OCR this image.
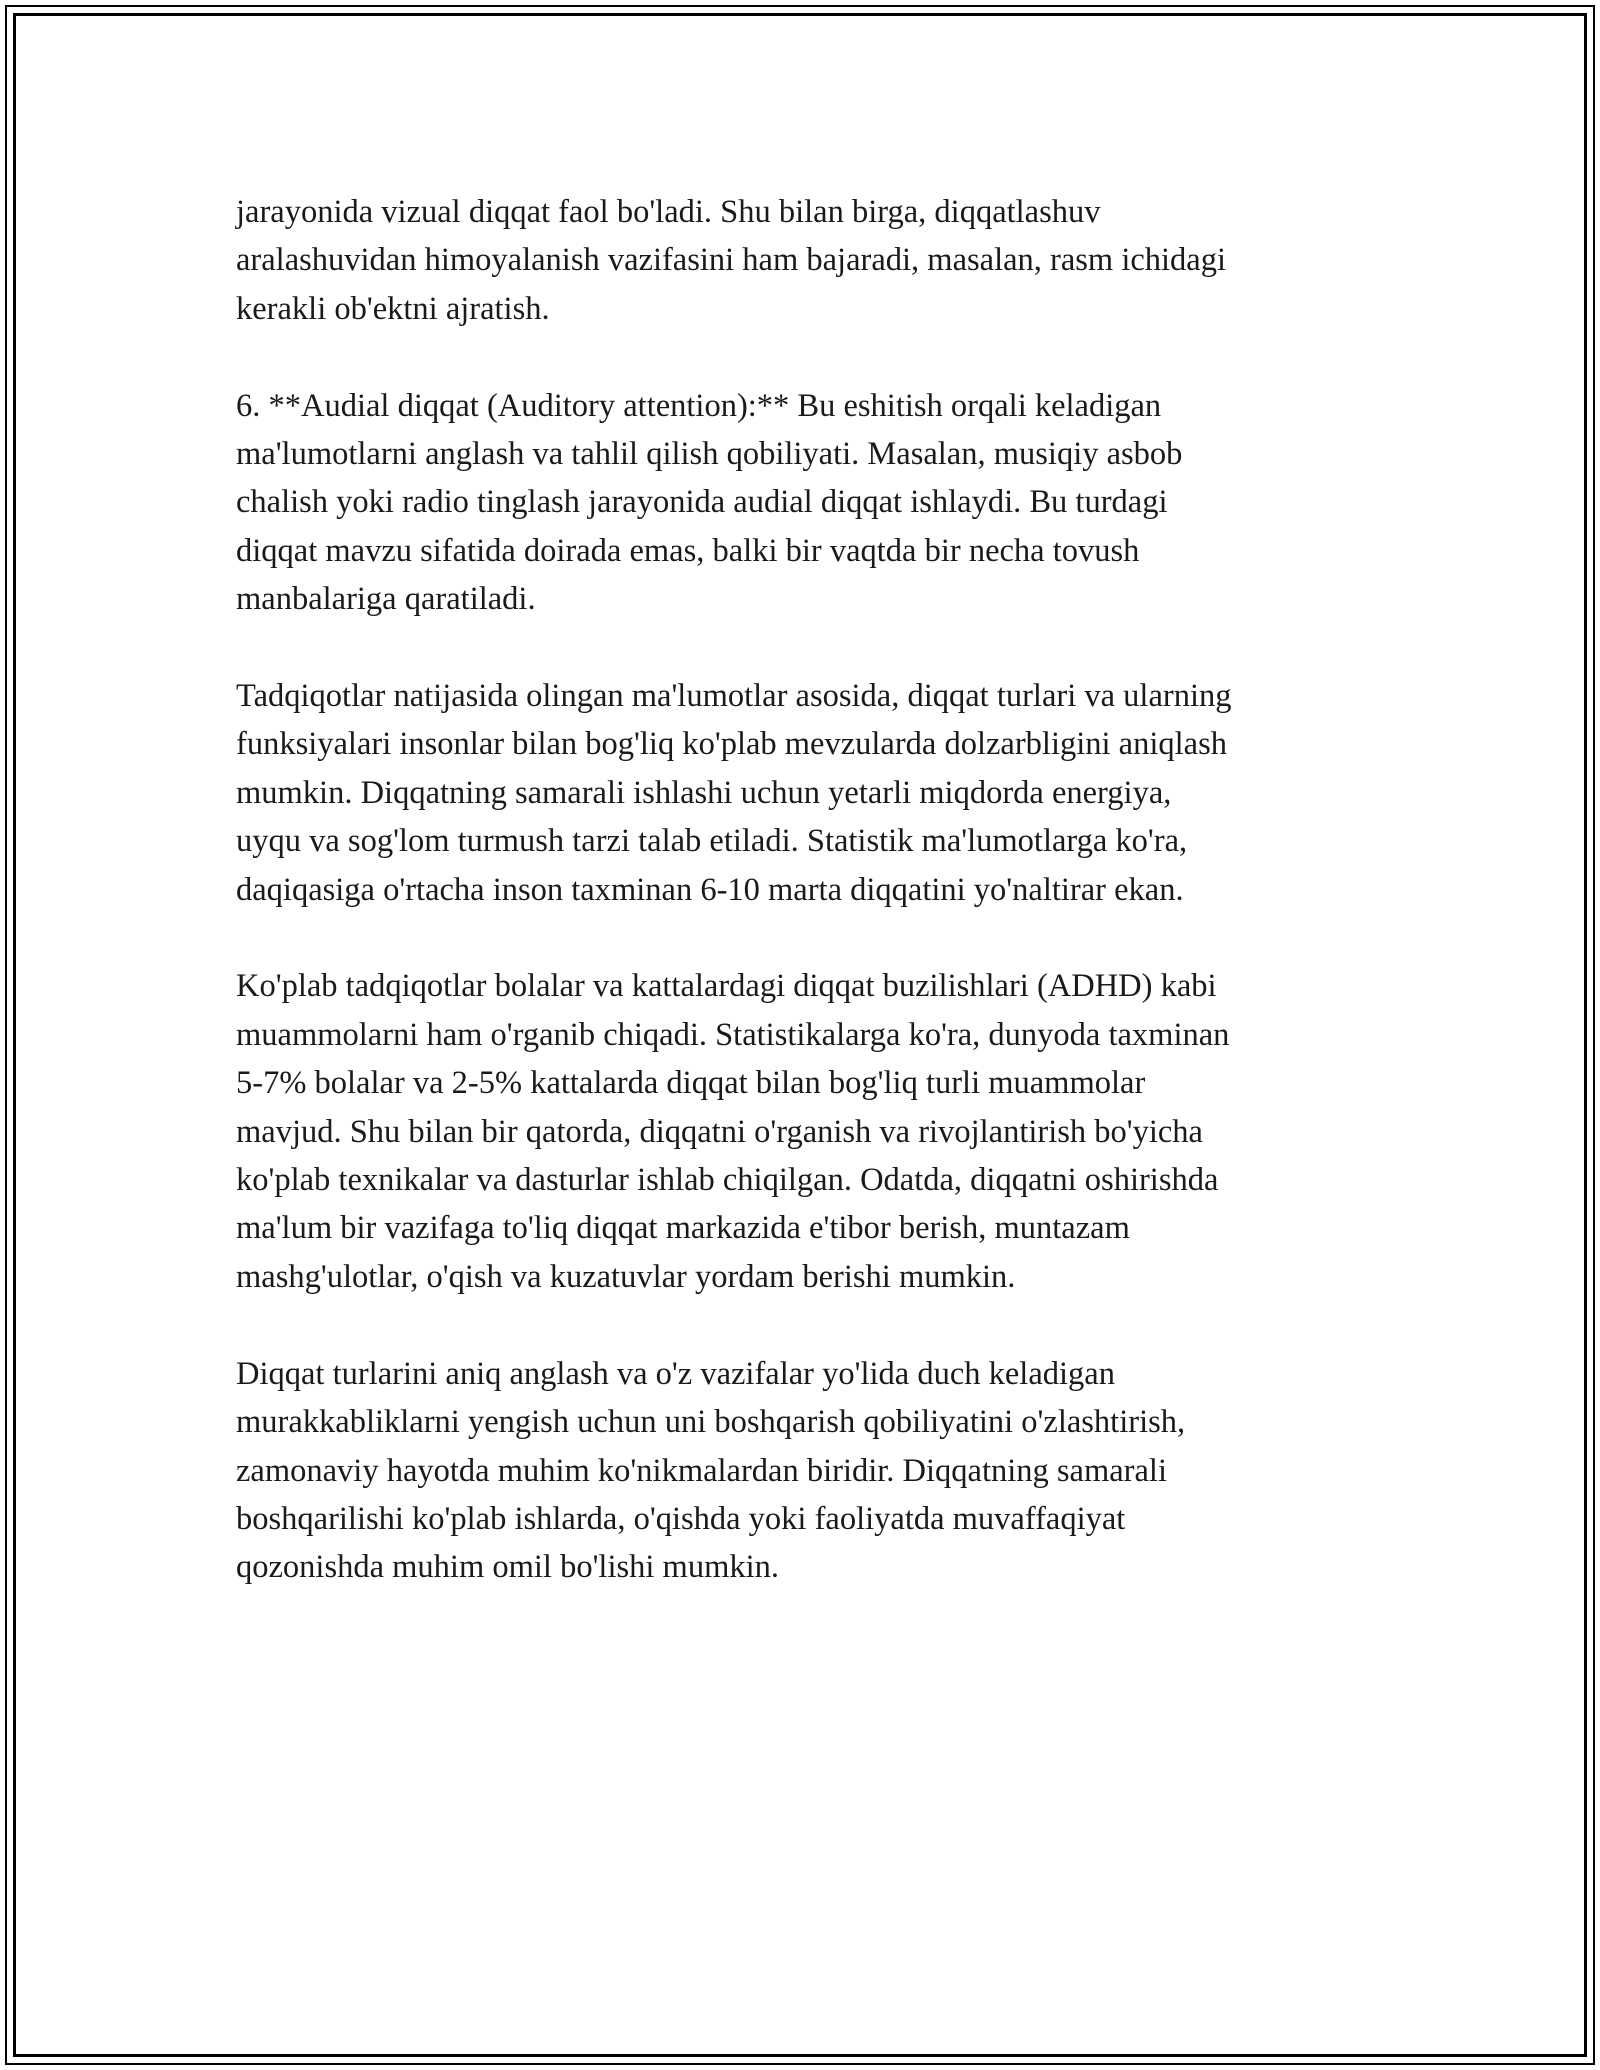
jarayonida vizual diqqat faol bo'ladi. Shu bilan birga, diqqatlashuv
aralashuvidan himoyalanish vazifasini ham bajaradi, masalan, rasm ichidagi
kerakli ob'ektni ajratish.

6. **Audial diqqat (Auditory attention):** Bu eshitish orqali keladigan
ma'lumotlarni anglash va tahlil qilish qobiliyati. Masalan, musiqiy asbob
chalish yoki radio tinglash jarayonida audial diqqat ishlaydi. Bu turdagi
diqqat mavzu sifatida doirada emas, balki bir vaqtda bir necha tovush
manbalariga qaratiladi.

Tadqiqotlar natijasida olingan ma'lumotlar asosida, diqqat turlari va ularning
funksiyalari insonlar bilan bog'liq ko'plab mevzularda dolzarbligini aniqlash
mumkin. Diqqatning samarali ishlashi uchun yetarli miqdorda energiya,
uyqu va sog'lom turmush tarzi talab etiladi. Statistik ma'lumotlarga ko'ra,
daqiqasiga o'rtacha inson taxminan 6-10 marta diqqatini yo'naltirar ekan.

Ko'plab tadqiqotlar bolalar va kattalardagi diqqat buzilishlari (ADHD) kabi
muammolarni ham o'rganib chiqadi. Statistikalarga ko'ra, dunyoda taxminan
5-7% bolalar va 2-5% kattalarda diqqat bilan bog'liq turli muammolar
mavjud. Shu bilan bir qatorda, diqqatni o'rganish va rivojlantirish bo'yicha
ko'plab texnikalar va dasturlar ishlab chiqilgan. Odatda, diqqatni oshirishda
ma'lum bir vazifaga to'liq diqqat markazida e'tibor berish, muntazam
mashg'ulotlar, o'qish va kuzatuvlar yordam berishi mumkin.

Diqqat turlarini aniq anglash va o'z vazifalar yo'lida duch keladigan
murakkabliklarni yengish uchun uni boshqarish qobiliyatini o'zlashtirish,
zamonaviy hayotda muhim ko'nikmalardan biridir. Diqqatning samarali
boshqarilishi ko'plab ishlarda, o'qishda yoki faoliyatda muvaffaqiyat
qozonishda muhim omil bo'lishi mumkin.
